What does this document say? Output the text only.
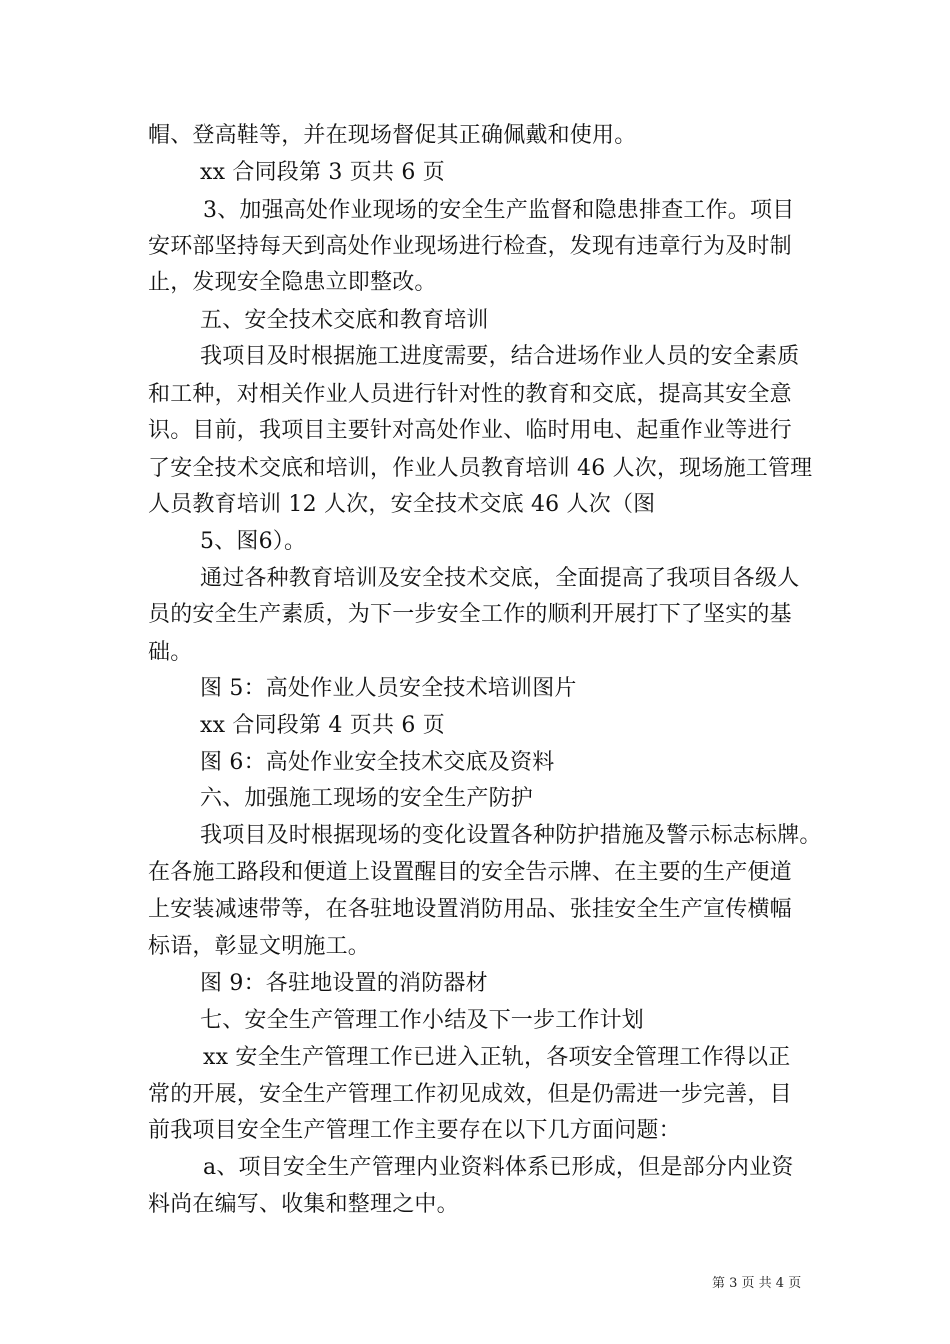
帽、登高鞋等，并在现场督促其正确佩戴和使用。
xx 合同段第 3 页共 6 页
3、加强高处作业现场的安全生产监督和隐患排查工作。项目
安环部坚持每天到高处作业现场进行检查，发现有违章行为及时制
止，发现安全隐患立即整改。
五、安全技术交底和教育培训
我项目及时根据施工进度需要，结合进场作业人员的安全素质
和工种，对相关作业人员进行针对性的教育和交底，提高其安全意
识。目前，我项目主要针对高处作业、临时用电、起重作业等进行
了安全技术交底和培训，作业人员教育培训 46 人次，现场施工管理
人员教育培训 12 人次，安全技术交底 46 人次（图
5、图6）。
通过各种教育培训及安全技术交底，全面提高了我项目各级人
员的安全生产素质，为下一步安全工作的顺利开展打下了坚实的基
础。
图 5：高处作业人员安全技术培训图片
xx 合同段第 4 页共 6 页
图 6：高处作业安全技术交底及资料
六、加强施工现场的安全生产防护
我项目及时根据现场的变化设置各种防护措施及警示标志标牌。
在各施工路段和便道上设置醒目的安全告示牌、在主要的生产便道
上安装减速带等，在各驻地设置消防用品、张挂安全生产宣传横幅
标语，彰显文明施工。
图 9：各驻地设置的消防器材
七、安全生产管理工作小结及下一步工作计划
xx 安全生产管理工作已进入正轨，各项安全管理工作得以正
常的开展，安全生产管理工作初见成效，但是仍需进一步完善，目
前我项目安全生产管理工作主要存在以下几方面问题：
a、项目安全生产管理内业资料体系已形成，但是部分内业资
料尚在编写、收集和整理之中。
第 3 页 共 4 页
